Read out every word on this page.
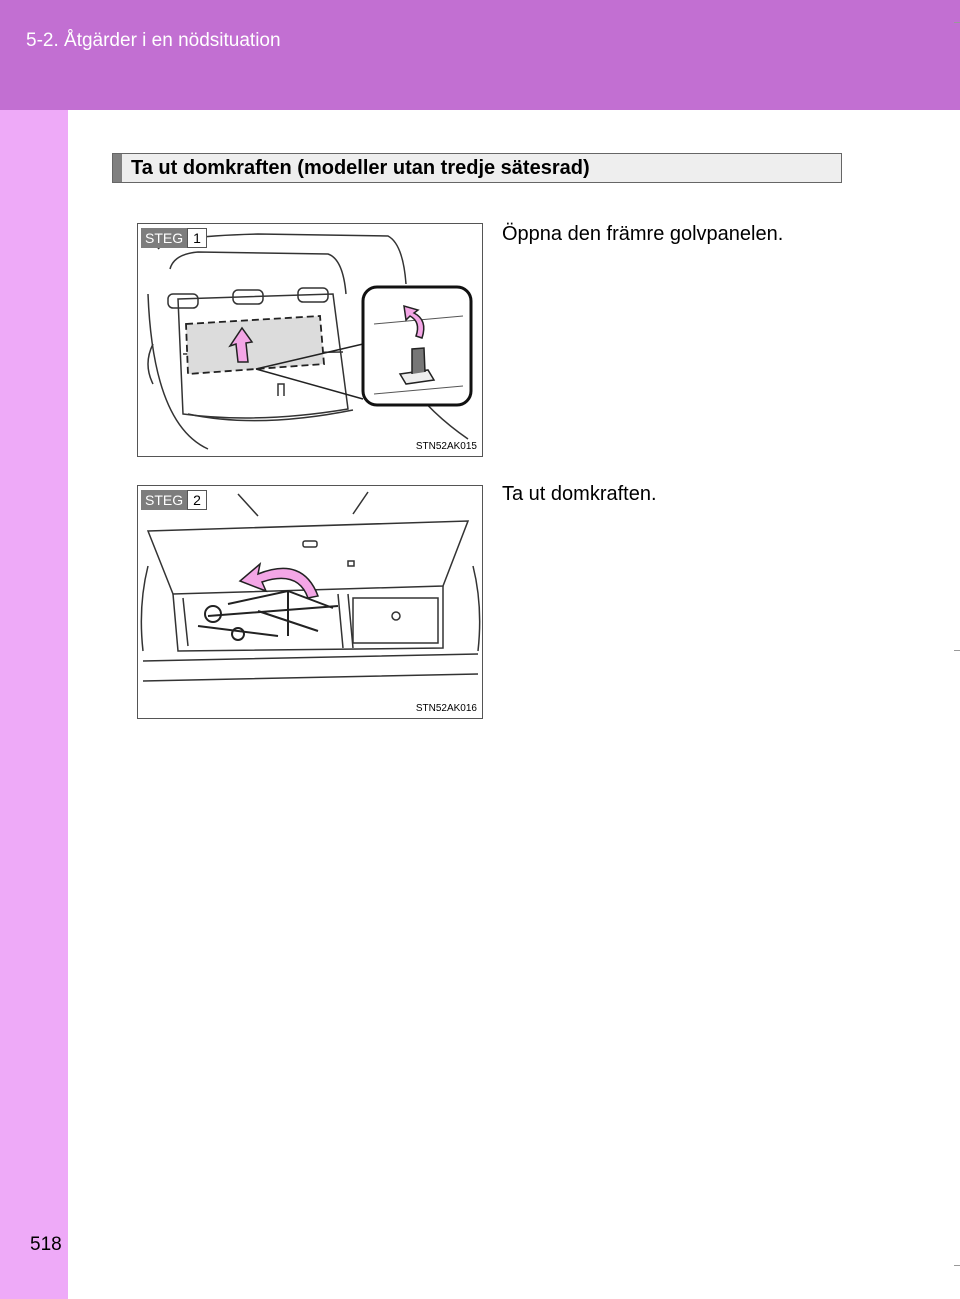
5-2. Åtgärder i en nödsituation
Ta ut domkraften (modeller utan tredje sätesrad)
STEG 1
STN52AK015
Öppna den främre golvpanelen.
STEG 2
STN52AK016
Ta ut domkraften.
518
